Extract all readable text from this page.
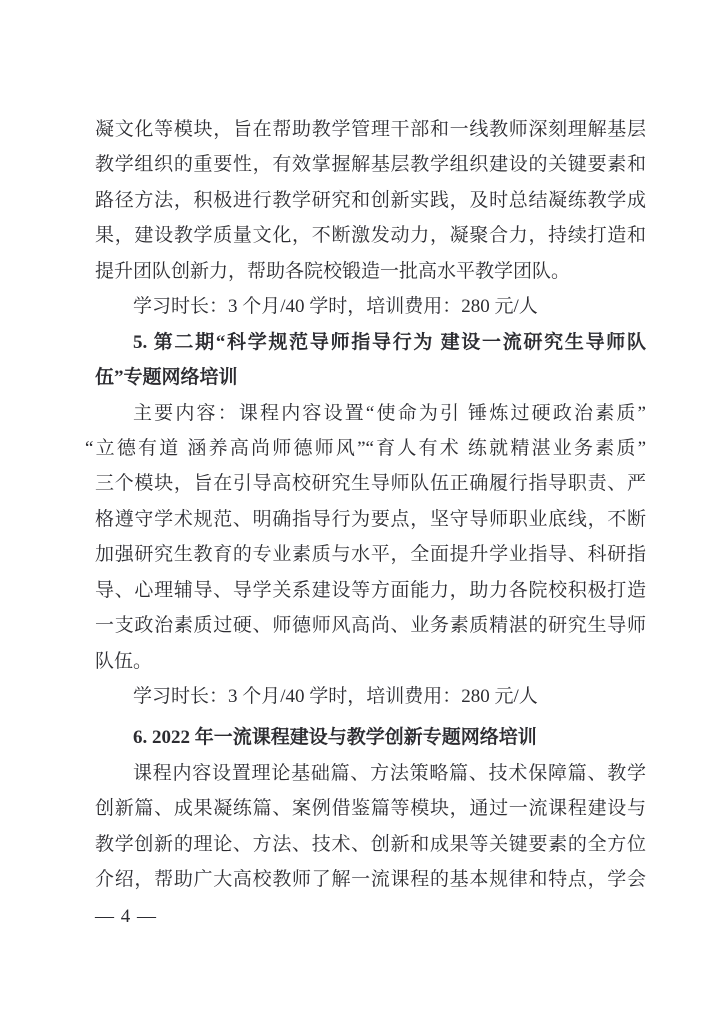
凝文化等模块，旨在帮助教学管理干部和一线教师深刻理解基层
教学组织的重要性，有效掌握解基层教学组织建设的关键要素和
路径方法，积极进行教学研究和创新实践，及时总结凝练教学成
果，建设教学质量文化，不断激发动力，凝聚合力，持续打造和
提升团队创新力，帮助各院校锻造一批高水平教学团队。
学习时长：3 个月/40 学时，培训费用：280 元/人
5. 第二期“科学规范导师指导行为 建设一流研究生导师队
伍”专题网络培训
主要内容：课程内容设置“使命为引 锤炼过硬政治素质”
“立德有道 涵养高尚师德师风”“育人有术 练就精湛业务素质”
三个模块，旨在引导高校研究生导师队伍正确履行指导职责、严
格遵守学术规范、明确指导行为要点，坚守导师职业底线，不断
加强研究生教育的专业素质与水平，全面提升学业指导、科研指
导、心理辅导、导学关系建设等方面能力，助力各院校积极打造
一支政治素质过硬、师德师风高尚、业务素质精湛的研究生导师
队伍。
学习时长：3 个月/40 学时，培训费用：280 元/人
6. 2022 年一流课程建设与教学创新专题网络培训
课程内容设置理论基础篇、方法策略篇、技术保障篇、教学
创新篇、成果凝练篇、案例借鉴篇等模块，通过一流课程建设与
教学创新的理论、方法、技术、创新和成果等关键要素的全方位
介绍，帮助广大高校教师了解一流课程的基本规律和特点，学会
— 4 —
